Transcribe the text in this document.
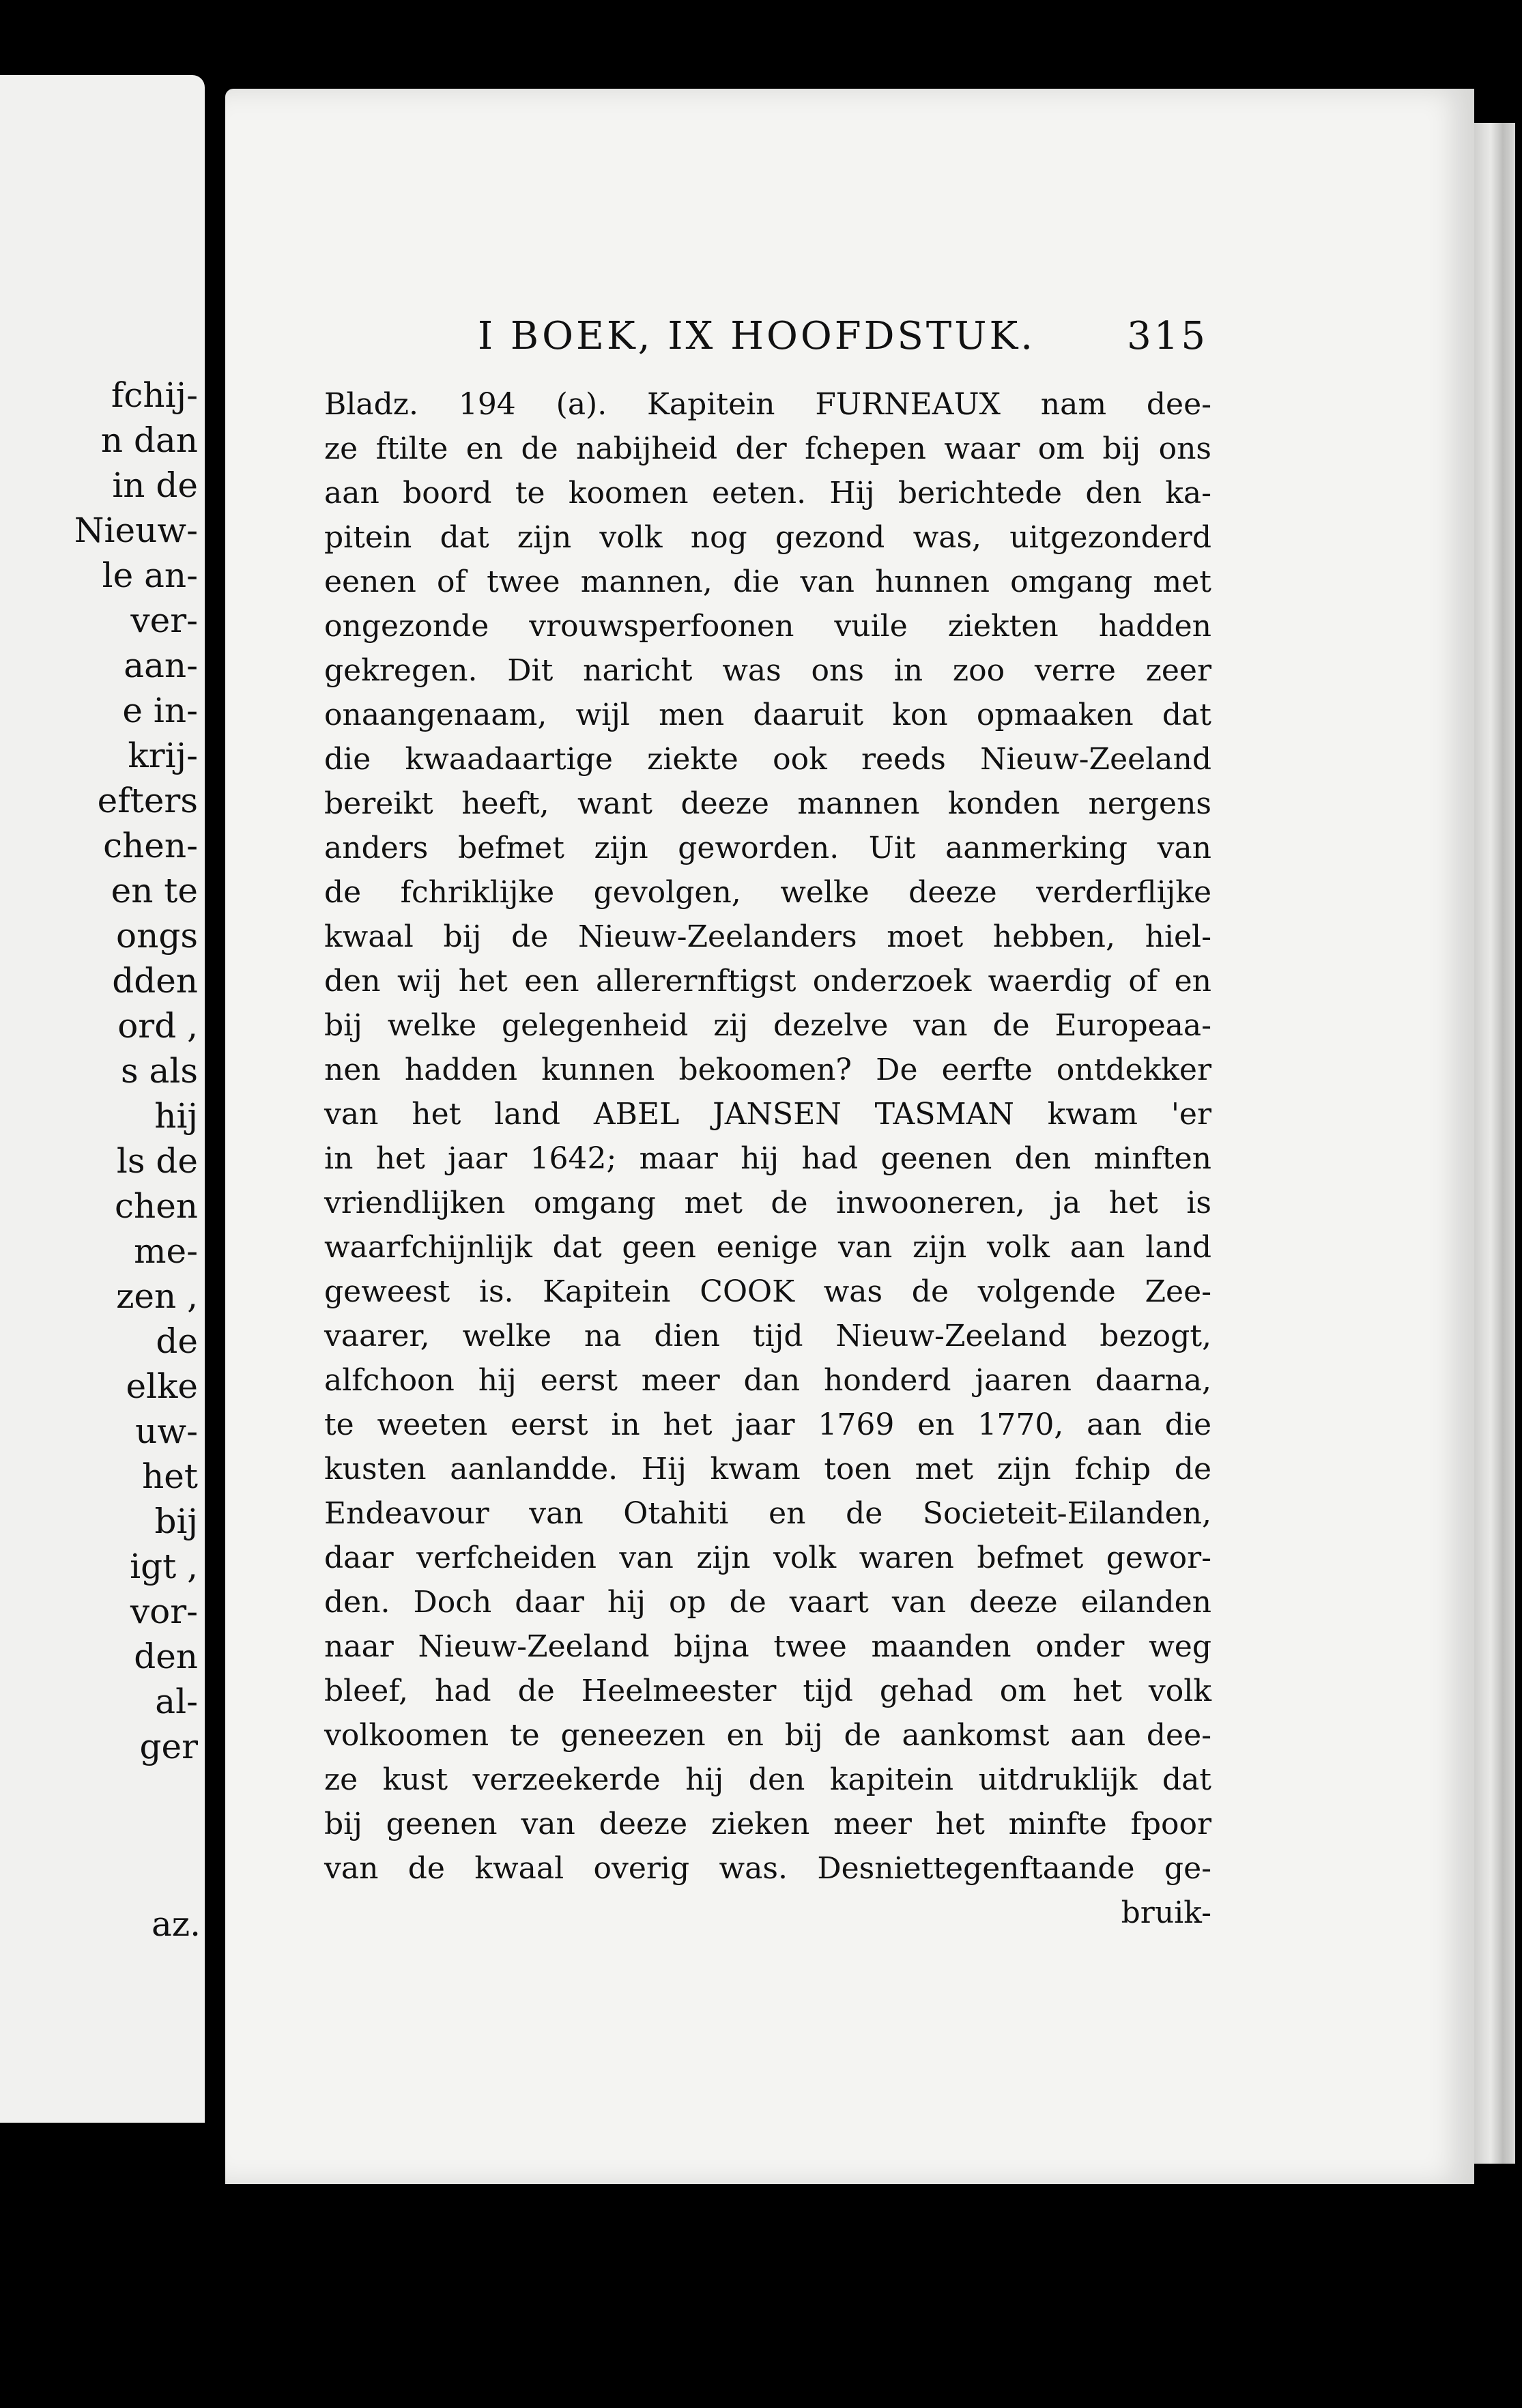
fchij-
n dan
in de
Nieuw-
le an-
ver-
aan-
e in-
krij-
efters
chen-
en te
ongs
dden
ord ,
s als
hij
ls de
chen
me-
zen ,
de
elke
uw-
het
bij
igt ,
vor-
den
al-
ger
az.
I BOEK, IX HOOFDSTUK. 315
Bladz. 194 (a). Kapitein FURNEAUX nam dee-
ze ftilte en de nabijheid der fchepen waar om bij ons
aan boord te koomen eeten. Hij berichtede den ka-
pitein dat zijn volk nog gezond was, uitgezonderd
eenen of twee mannen, die van hunnen omgang met
ongezonde vrouwsperfoonen vuile ziekten hadden
gekregen. Dit naricht was ons in zoo verre zeer
onaangenaam, wijl men daaruit kon opmaaken dat
die kwaadaartige ziekte ook reeds Nieuw-Zeeland
bereikt heeft, want deeze mannen konden nergens
anders befmet zijn geworden. Uit aanmerking van
de fchriklijke gevolgen, welke deeze verderflijke
kwaal bij de Nieuw-Zeelanders moet hebben, hiel-
den wij het een allerernftigst onderzoek waerdig of en
bij welke gelegenheid zij dezelve van de Europeaa-
nen hadden kunnen bekoomen? De eerfte ontdekker
van het land ABEL JANSEN TASMAN kwam 'er
in het jaar 1642; maar hij had geenen den minften
vriendlijken omgang met de inwooneren, ja het is
waarfchijnlijk dat geen eenige van zijn volk aan land
geweest is. Kapitein COOK was de volgende Zee-
vaarer, welke na dien tijd Nieuw-Zeeland bezogt,
alfchoon hij eerst meer dan honderd jaaren daarna,
te weeten eerst in het jaar 1769 en 1770, aan die
kusten aanlandde. Hij kwam toen met zijn fchip de
Endeavour van Otahiti en de Societeit-Eilanden,
daar verfcheiden van zijn volk waren befmet gewor-
den. Doch daar hij op de vaart van deeze eilanden
naar Nieuw-Zeeland bijna twee maanden onder weg
bleef, had de Heelmeester tijd gehad om het volk
volkoomen te geneezen en bij de aankomst aan dee-
ze kust verzeekerde hij den kapitein uitdruklijk dat
bij geenen van deeze zieken meer het minfte fpoor
van de kwaal overig was. Desniettegenftaande ge-
bruik-
